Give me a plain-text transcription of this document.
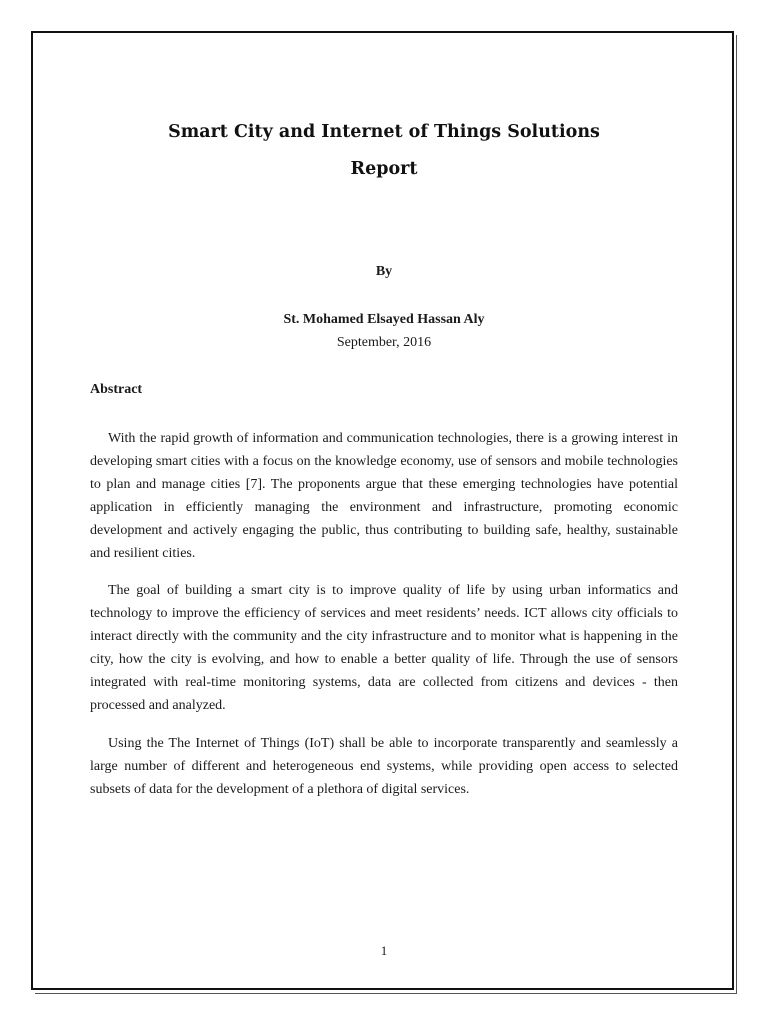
Smart City and Internet of Things Solutions
Report
By
St. Mohamed Elsayed Hassan Aly
September, 2016
Abstract

With the rapid growth of information and communication technologies, there is a growing interest in developing smart cities with a focus on the knowledge economy, use of sensors and mobile technologies to plan and manage cities [7]. The proponents argue that these emerging technologies have potential application in efficiently managing the environment and infrastructure, promoting economic development and actively engaging the public, thus contributing to building safe, healthy, sustainable and resilient cities.

The goal of building a smart city is to improve quality of life by using urban informatics and technology to improve the efficiency of services and meet residents’ needs. ICT allows city officials to interact directly with the community and the city infrastructure and to monitor what is happening in the city, how the city is evolving, and how to enable a better quality of life. Through the use of sensors integrated with real-time monitoring systems, data are collected from citizens and devices - then processed and analyzed.

Using the The Internet of Things (IoT) shall be able to incorporate transparently and seamlessly a large number of different and heterogeneous end systems, while providing open access to selected subsets of data for the development of a plethora of digital services.

1
